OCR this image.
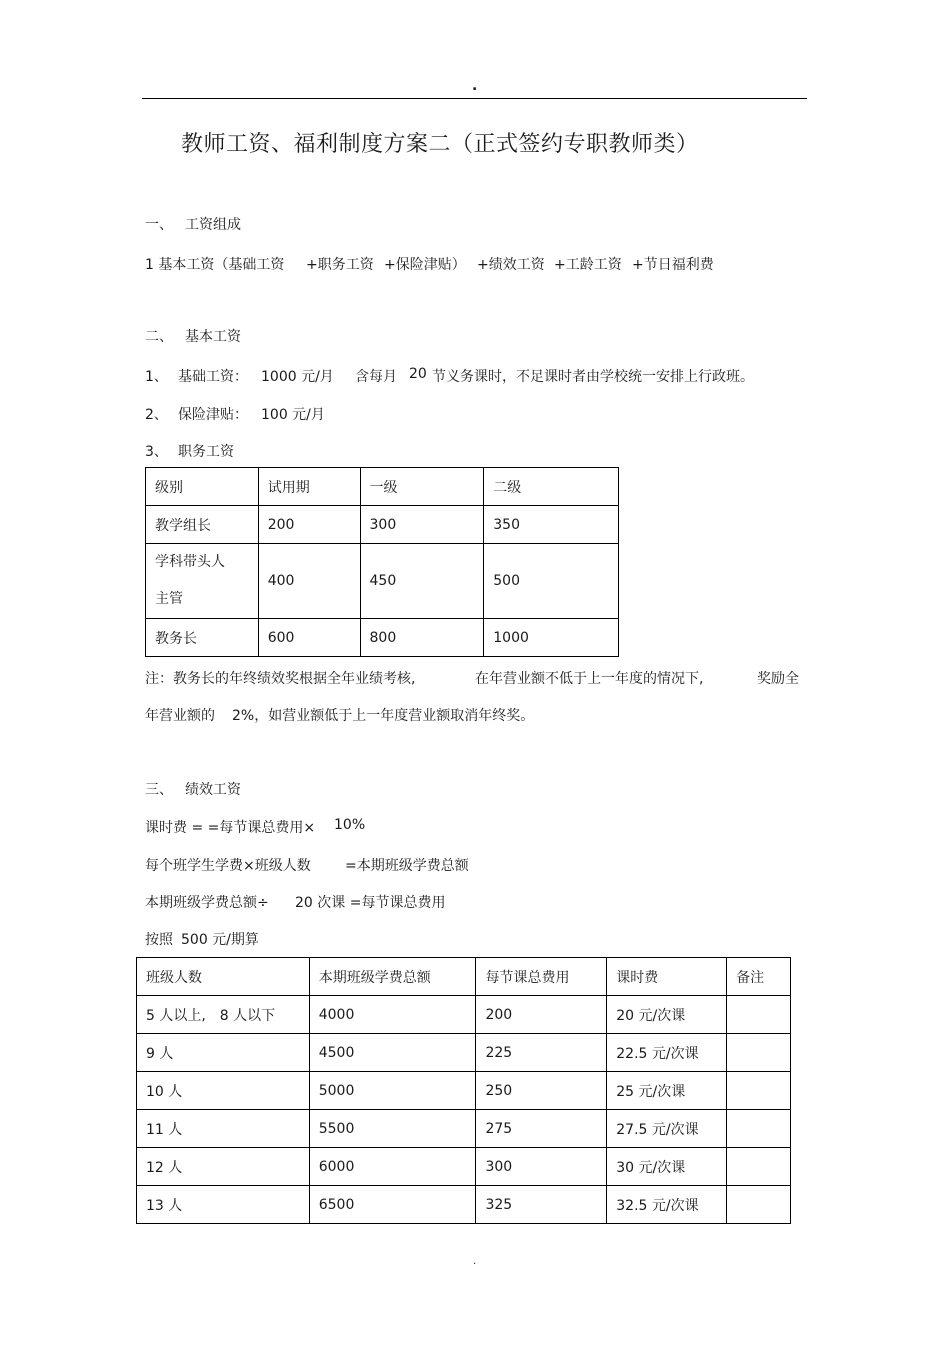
.
教师工资、福利制度方案二（正式签约专职教师类）
一、 工资组成
1 基本工资（基础工资 +职务工资 +保险津贴） +绩效工资 +工龄工资 +节日福利费
二、 基本工资
1、 基础工资： 1000 元/月 含每月 20 节义务课时，不足课时者由学校统一安排上行政班。
2、 保险津贴： 100 元/月
3、 职务工资
级别	试用期	一级	二级
教学组长	200	300	350

学科带头人
主管	400	450	500
教务长	600	800	1000
注：教务长的年终绩效奖根据全年业绩考核,	在年营业额不低于上一年度的情况下,	奖励全
年营业额的 2%，如营业额低于上一年度营业额取消年终奖。
三、 绩效工资
课时费 = =每节课总费用× 10%
每个班学生学费×班级人数 =本期班级学费总额
本期班级学费总额÷ 20 次课 =每节课总费用
按照 500 元/期算
班级人数	本期班级学费总额	每节课总费用	课时费	备注
5 人以上,　8 人以下	4000	200	20 元/次课	
9 人	4500	225	22.5 元/次课	
10 人	5000	250	25 元/次课	
11 人	5500	275	27.5 元/次课	
12 人	6000	300	30 元/次课	
13 人	6500	325	32.5 元/次课	
.
